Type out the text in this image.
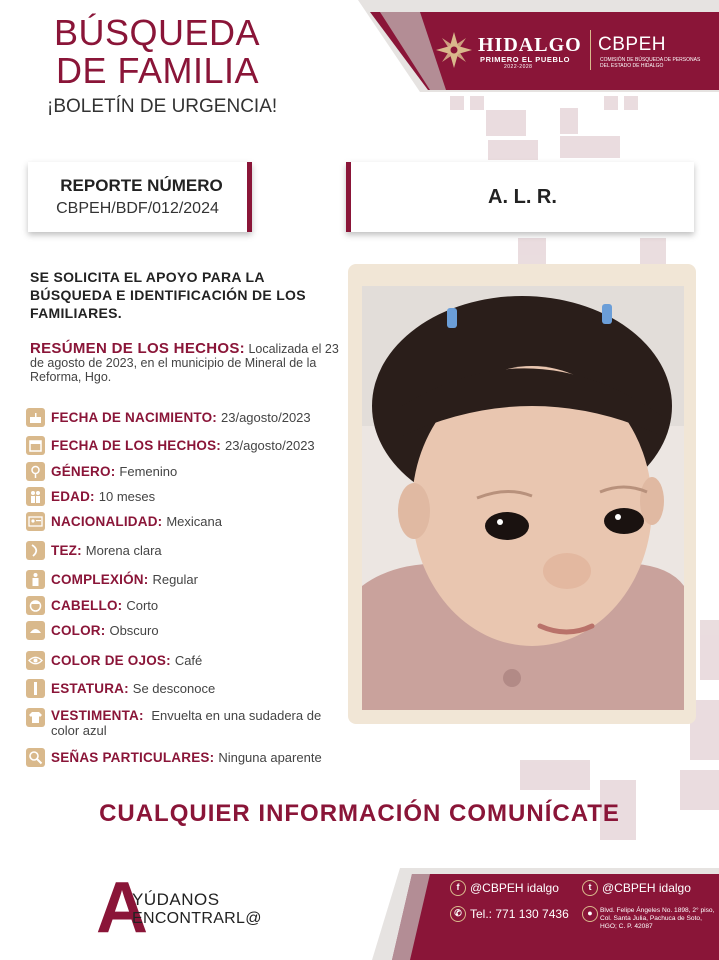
BÚSQUEDA
DE FAMILIA
¡BOLETÍN DE URGENCIA!
HIDALGO
PRIMERO EL PUEBLO
2022-2028
CBPEH
COMISIÓN DE BÚSQUEDA DE PERSONAS DEL ESTADO DE HIDALGO
REPORTE NÚMERO
CBPEH/BDF/012/2024
A. L. R.
SE SOLICITA EL APOYO PARA LA BÚSQUEDA E IDENTIFICACIÓN DE LOS FAMILIARES.
RESÚMEN DE LOS HECHOS: Localizada el 23 de agosto de 2023, en el municipio de Mineral de la Reforma, Hgo.
FECHA DE NACIMIENTO: 23/agosto/2023
FECHA DE LOS HECHOS: 23/agosto/2023
GÉNERO: Femenino
EDAD: 10 meses
NACIONALIDAD: Mexicana
TEZ: Morena clara
COMPLEXIÓN: Regular
CABELLO: Corto
COLOR: Obscuro
COLOR DE OJOS: Café
ESTATURA: Se desconoce
VESTIMENTA: Envuelta en una sudadera de color azul
SEÑAS PARTICULARES: Ninguna aparente
CUALQUIER INFORMACIÓN COMUNÍCATE
A
YÚDANOS
ENCONTRARL@
f @CBPEH idalgo	t @CBPEH idalgo
✆ Tel.: 771 130 7436	●	Blvd. Felipe Ángeles No. 1898, 2° piso, Col. Santa Julia, Pachuca de Soto, HGO; C. P. 42087
